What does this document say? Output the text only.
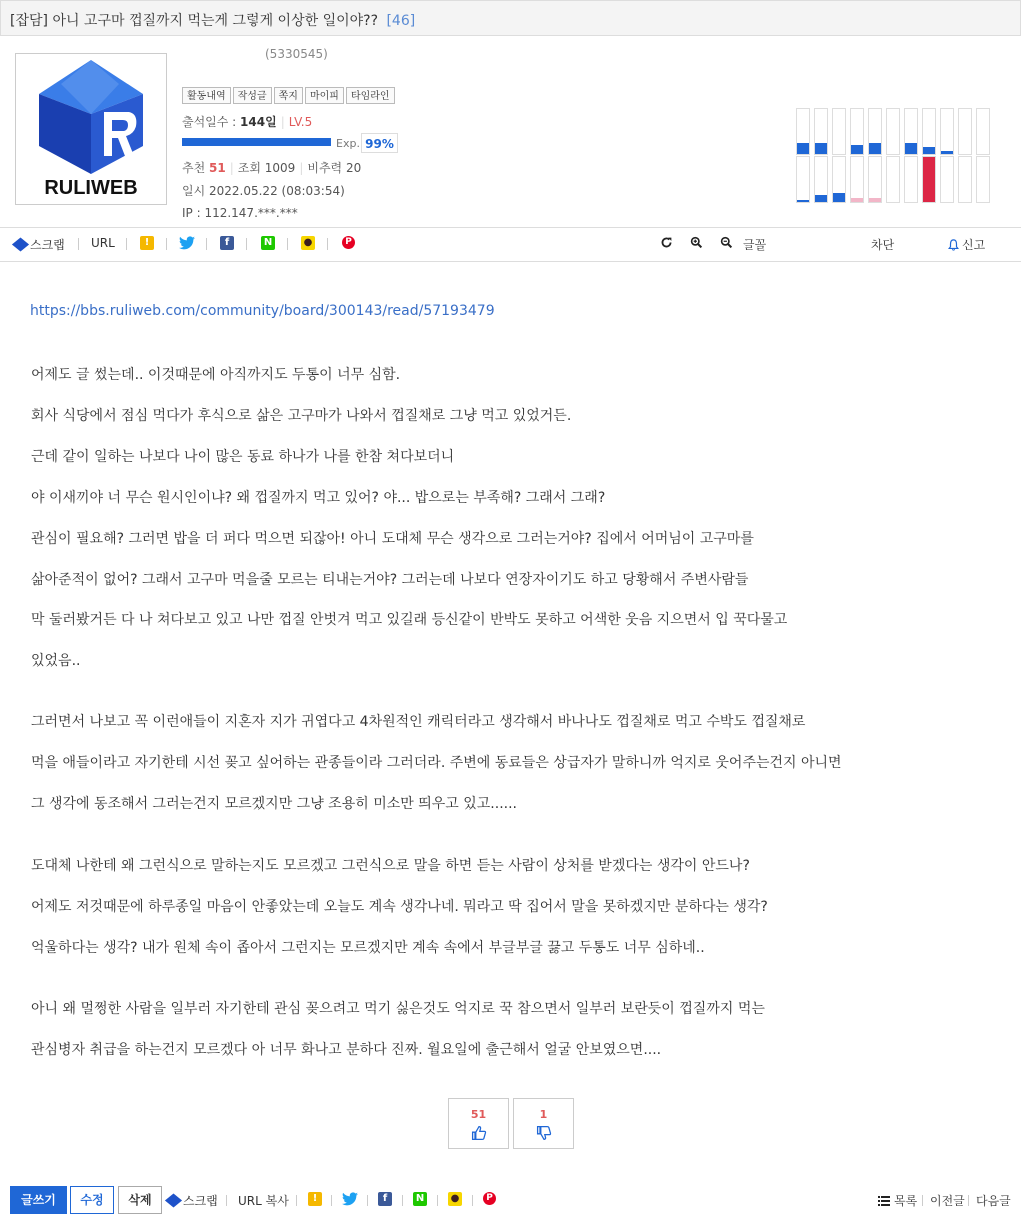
[잡담] 아니 고구마 껍질까지 먹는게 그렇게 이상한 일이야?? [46]
RULIWEB
(5330545)
활동내역	작성글	쪽지	마이피	타임라인
출석일수 : 144일 | LV.5
Exp. 99%
추천 51 | 조회 1009 | 비추력 20
일시 2022.05.22 (08:03:54)
IP : 112.147.***.***
스크랩 URL	!	f	N	●	P	글꼴	차단	신고
https://bbs.ruliweb.com/community/board/300143/read/57193479
어제도 글 썼는데.. 이것때문에 아직까지도 두통이 너무 심함.
회사 식당에서 점심 먹다가 후식으로 삶은 고구마가 나와서 껍질채로 그냥 먹고 있었거든.
근데 같이 일하는 나보다 나이 많은 동료 하나가 나를 한참 쳐다보더니
야 이새끼야 너 무슨 원시인이냐? 왜 껍질까지 먹고 있어? 야... 밥으로는 부족해? 그래서 그래?
관심이 필요해? 그러면 밥을 더 퍼다 먹으면 되잖아! 아니 도대체 무슨 생각으로 그러는거야? 집에서 어머님이 고구마를
삶아준적이 없어? 그래서 고구마 먹을줄 모르는 티내는거야? 그러는데 나보다 연장자이기도 하고 당황해서 주변사람들
막 둘러봤거든 다 나 쳐다보고 있고 나만 껍질 안벗겨 먹고 있길래 등신같이 반박도 못하고 어색한 웃음 지으면서 입 꾹다물고
있었음..
그러면서 나보고 꼭 이런애들이 지혼자 지가 귀엽다고 4차원적인 캐릭터라고 생각해서 바나나도 껍질채로 먹고 수박도 껍질채로
먹을 애들이라고 자기한테 시선 꽂고 싶어하는 관종들이라 그러더라. 주변에 동료들은 상급자가 말하니까 억지로 웃어주는건지 아니면
그 생각에 동조해서 그러는건지 모르겠지만 그냥 조용히 미소만 띄우고 있고......
도대체 나한테 왜 그런식으로 말하는지도 모르겠고 그런식으로 말을 하면 듣는 사람이 상처를 받겠다는 생각이 안드나?
어제도 저것때문에 하루종일 마음이 안좋았는데 오늘도 계속 생각나네. 뭐라고 딱 집어서 말을 못하겠지만 분하다는 생각?
억울하다는 생각? 내가 원체 속이 좁아서 그런지는 모르겠지만 계속 속에서 부글부글 끓고 두통도 너무 심하네..
아니 왜 멀쩡한 사람을 일부러 자기한테 관심 꽂으려고 먹기 싫은것도 억지로 꾹 참으면서 일부러 보란듯이 껍질까지 먹는
관심병자 취급을 하는건지 모르겠다 아 너무 화나고 분하다 진짜. 월요일에 출근해서 얼굴 안보였으면....
51	1
글쓰기	수정	삭제	스크랩 URL 복사	!	f	N	●	P	목록 이전글 다음글
